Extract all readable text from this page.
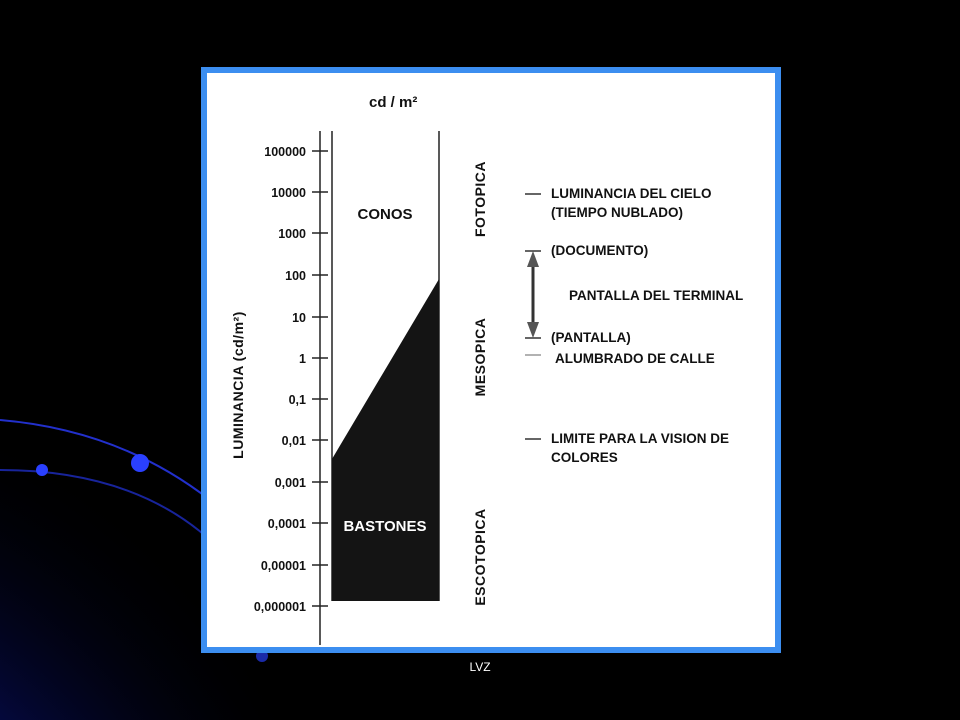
cd / m²
100000
10000
1000
100
10
1
0,1
0,01
0,001
0,0001
0,00001
0,000001
LUMINANCIA (cd/m²)
CONOS
BASTONES
FOTOPICA
MESOPICA
ESCOTOPICA
LUMINANCIA DEL CIELO
(TIEMPO NUBLADO)
(DOCUMENTO)
PANTALLA DEL TERMINAL
(PANTALLA)
ALUMBRADO DE CALLE
LIMITE PARA LA VISION DE
COLORES
LVZ
